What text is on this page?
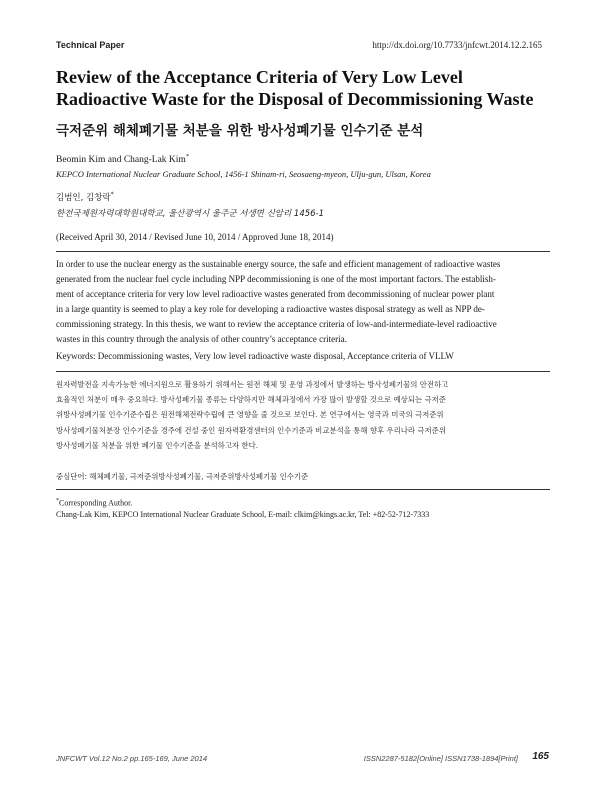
Technical Paper	http://dx.doi.org/10.7733/jnfcwt.2014.12.2.165
Review of the Acceptance Criteria of Very Low Level
Radioactive Waste for the Disposal of Decommissioning Waste
극저준위 해체폐기물 처분을 위한 방사성폐기물 인수기준 분석
Beomin Kim and Chang-Lak Kim*
KEPCO International Nuclear Graduate School, 1456-1 Shinam-ri, Seosaeng-myeon, Ulju-gun, Ulsan, Korea
김범인, 김창락*
한전국제원자력대학원대학교, 울산광역시 울주군 서생면 신암리 1456-1
(Received April 30, 2014 / Revised June 10, 2014 / Approved June 18, 2014)
In order to use the nuclear energy as the sustainable energy source, the safe and efficient management of radioactive wastes
generated from the nuclear fuel cycle including NPP decommissioning is one of the most important factors. The establish-
ment of acceptance criteria for very low level radioactive wastes generated from decommissioning of nuclear power plant
in a large quantity is seemed to play a key role for developing a radioactive wastes disposal strategy as well as NPP de-
commissioning strategy. In this thesis, we want to review the acceptance criteria of low-and-intermediate-level radioactive
wastes in this country through the analysis of other country’s acceptance criteria.
Keywords: Decommissioning wastes, Very low level radioactive waste disposal, Acceptance criteria of VLLW
원자력발전을 지속가능한 에너지원으로 활용하기 위해서는 원전 해체 및 운영 과정에서 발생하는 방사성폐기물의 안전하고
효율적인 처분이 매우 중요하다. 방사성폐기물 종류는 다양하지만 해체과정에서 가장 많이 발생할 것으로 예상되는 극저준
위방사성폐기물 인수기준수립은 원전해체전략수립에 큰 영향을 줄 것으로 보인다. 본 연구에서는 영국과 미국의 극저준위
방사성폐기물처분장 인수기준을 경주에 건설 중인 원자력환경센터의 인수기준과 비교분석을 통해 향후 우리나라 극저준위
방사성폐기물 처분을 위한 폐기물 인수기준을 분석하고자 한다.
중심단어: 해체폐기물, 극저준위방사성폐기물, 극저준위방사성폐기물 인수기준
*Corresponding Author.
Chang-Lak Kim, KEPCO International Nuclear Graduate School, E-mail: clkim@kings.ac.kr, Tel: +82-52-712-7333
JNFCWT Vol.12 No.2 pp.165-169, June 2014	ISSN2287-5182[Online] ISSN1738-1894[Print] 165
